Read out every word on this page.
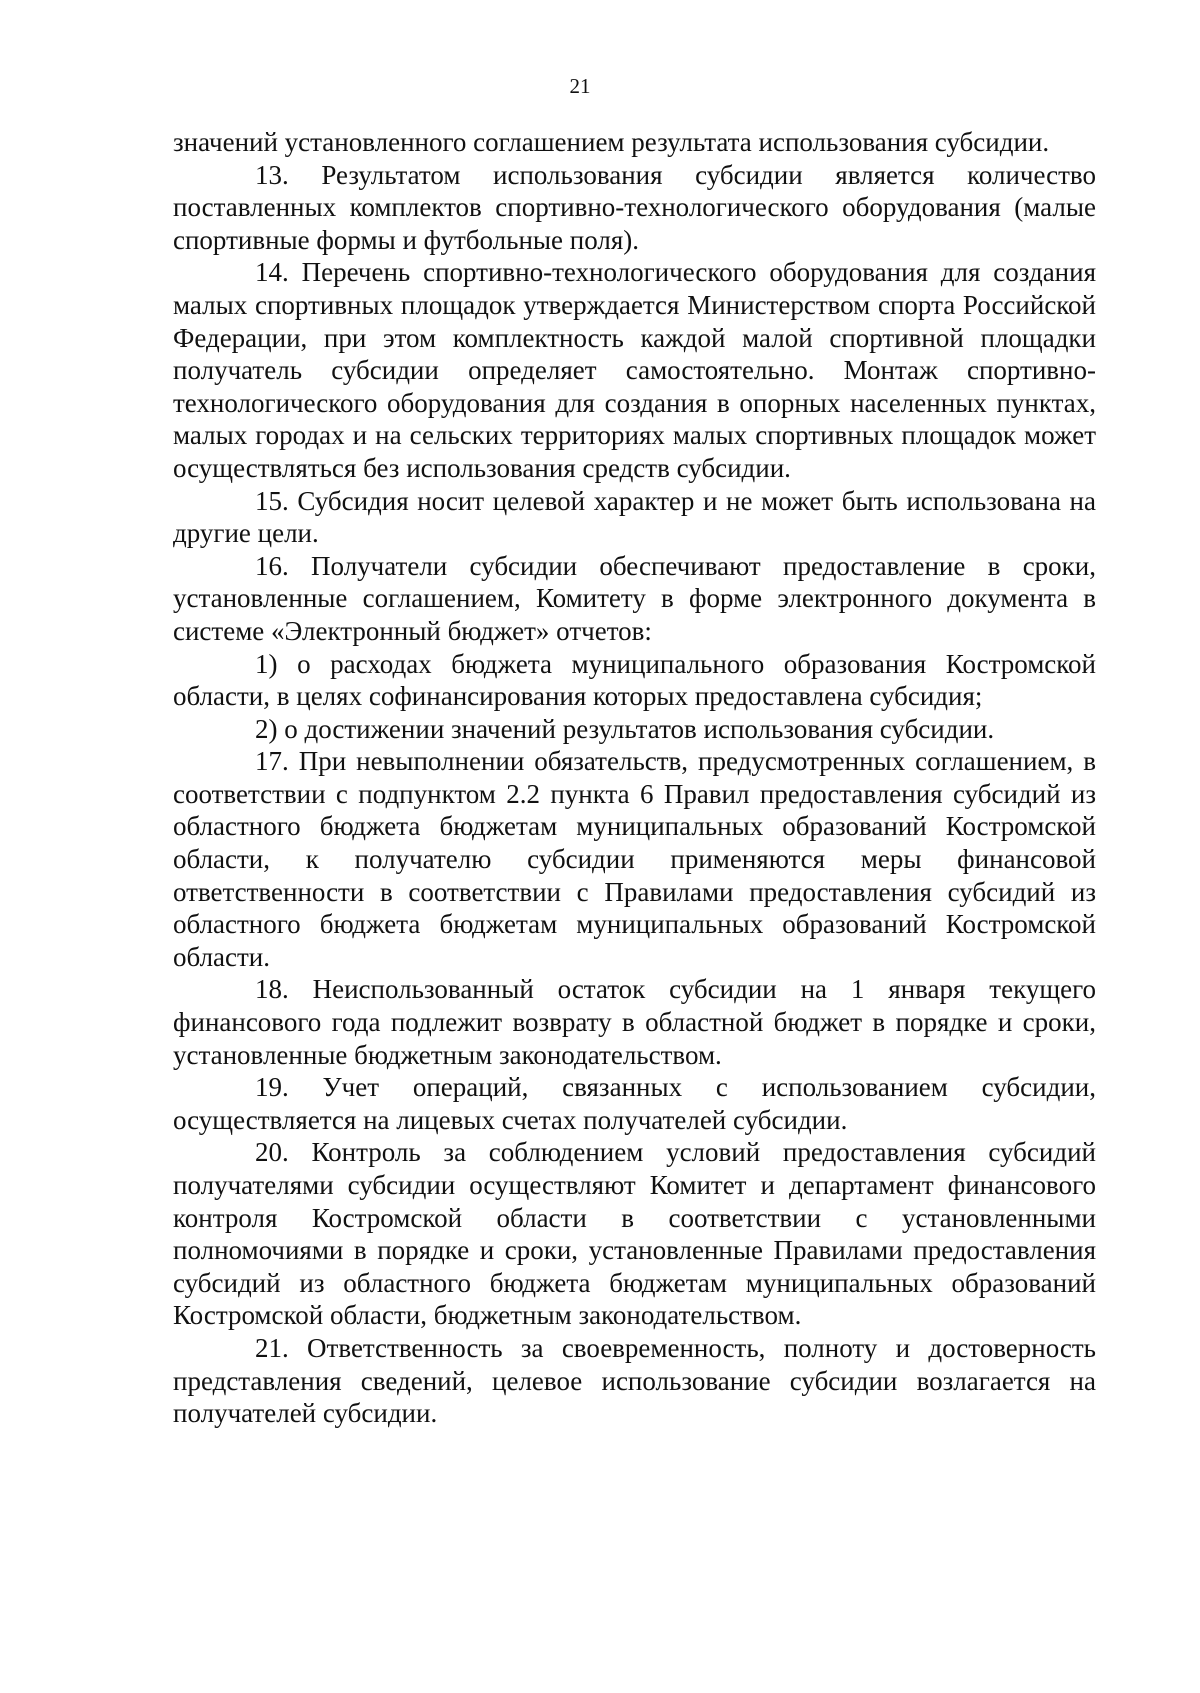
21

значений установленного соглашением результата использования субсидии.

13. Результатом использования субсидии является количество поставленных комплектов спортивно-технологического оборудования (малые спортивные формы и футбольные поля).

14. Перечень спортивно-технологического оборудования для создания малых спортивных площадок утверждается Министерством спорта Российской Федерации, при этом комплектность каждой малой спортивной площадки получатель субсидии определяет самостоятельно. Монтаж спортивно-технологического оборудования для создания в опорных населенных пунктах, малых городах и на сельских территориях малых спортивных площадок может осуществляться без использования средств субсидии.

15. Субсидия носит целевой характер и не может быть использована на другие цели.

16. Получатели субсидии обеспечивают предоставление в сроки, установленные соглашением, Комитету в форме электронного документа в системе «Электронный бюджет» отчетов:

1) о расходах бюджета муниципального образования Костромской области, в целях софинансирования которых предоставлена субсидия;

2) о достижении значений результатов использования субсидии.

17. При невыполнении обязательств, предусмотренных соглашением, в соответствии с подпунктом 2.2 пункта 6 Правил предоставления субсидий из областного бюджета бюджетам муниципальных образований Костромской области, к получателю субсидии применяются меры финансовой ответственности в соответствии с Правилами предоставления субсидий из областного бюджета бюджетам муниципальных образований Костромской области.

18. Неиспользованный остаток субсидии на 1 января текущего финансового года подлежит возврату в областной бюджет в порядке и сроки, установленные бюджетным законодательством.

19. Учет операций, связанных с использованием субсидии, осуществляется на лицевых счетах получателей субсидии.

20. Контроль за соблюдением условий предоставления субсидий получателями субсидии осуществляют Комитет и департамент финансового контроля Костромской области в соответствии с установленными полномочиями в порядке и сроки, установленные Правилами предоставления субсидий из областного бюджета бюджетам муниципальных образований Костромской области, бюджетным законодательством.

21. Ответственность за своевременность, полноту и достоверность представления сведений, целевое использование субсидии возлагается на получателей субсидии.
